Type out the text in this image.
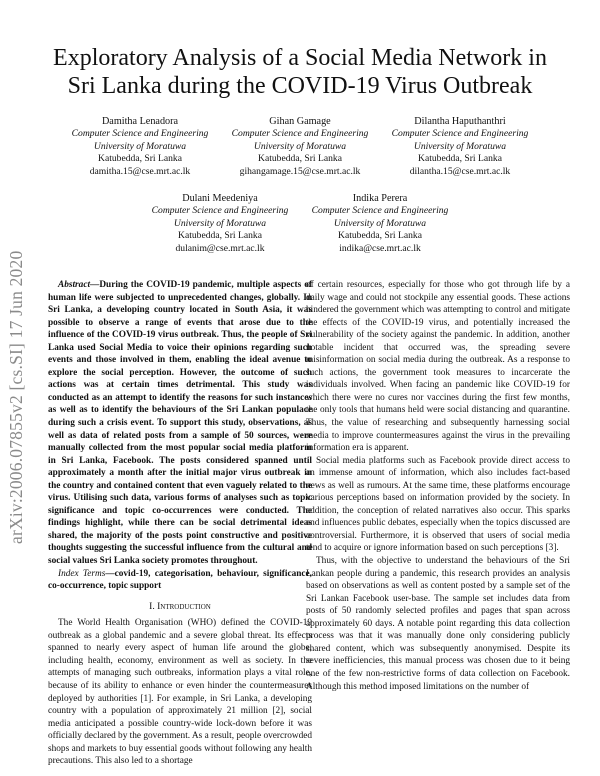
arXiv:2006.07855v2 [cs.SI] 17 Jun 2020
Exploratory Analysis of a Social Media Network in Sri Lanka during the COVID-19 Virus Outbreak
Damitha Lenadora
Computer Science and Engineering
University of Moratuwa
Katubedda, Sri Lanka
damitha.15@cse.mrt.ac.lk
Gihan Gamage
Computer Science and Engineering
University of Moratuwa
Katubedda, Sri Lanka
gihangamage.15@cse.mrt.ac.lk
Dilantha Haputhanthri
Computer Science and Engineering
University of Moratuwa
Katubedda, Sri Lanka
dilantha.15@cse.mrt.ac.lk
Dulani Meedeniya
Computer Science and Engineering
University of Moratuwa
Katubedda, Sri Lanka
dulanim@cse.mrt.ac.lk
Indika Perera
Computer Science and Engineering
University of Moratuwa
Katubedda, Sri Lanka
indika@cse.mrt.ac.lk

Abstract—During the COVID-19 pandemic, multiple aspects of human life were subjected to unprecedented changes, globally. In Sri Lanka, a developing country located in South Asia, it was possible to observe a range of events that arose due to the influence of the COVID-19 virus outbreak. Thus, the people of Sri Lanka used Social Media to voice their opinions regarding such events and those involved in them, enabling the ideal avenue to explore the social perception. However, the outcome of such actions was at certain times detrimental. This study was conducted as an attempt to identify the reasons for such instances as well as to identify the behaviours of the Sri Lankan populace during such a crisis event. To support this study, observations, as well as data of related posts from a sample of 50 sources, were manually collected from the most popular social media platform in Sri Lanka, Facebook. The posts considered spanned until approximately a month after the initial major virus outbreak in the country and contained content that even vaguely related to the virus. Utilising such data, various forms of analyses such as topic significance and topic co-occurrences were conducted. The findings highlight, while there can be social detrimental ideas shared, the majority of the posts point constructive and positive thoughts suggesting the successful influence from the cultural and social values Sri Lanka society promotes throughout.

Index Terms—covid-19, categorisation, behaviour, significance, co-occurrence, topic support

I. Introduction

The World Health Organisation (WHO) defined the COVID-19 outbreak as a global pandemic and a severe global threat. Its effects spanned to nearly every aspect of human life around the globe, including health, economy, environment as well as society. In the attempts of managing such outbreaks, information plays a vital role, because of its ability to enhance or even hinder the countermeasures deployed by authorities [1]. For example, in Sri Lanka, a developing country with a population of approximately 21 million [2], social media anticipated a possible country-wide lock-down before it was officially declared by the government. As a result, people overcrowded shops and markets to buy essential goods without following any health precautions. This also led to a shortage

of certain resources, especially for those who got through life by a daily wage and could not stockpile any essential goods. These actions hindered the government which was attempting to control and mitigate the effects of the COVID-19 virus, and potentially increased the vulnerability of the society against the pandemic. In addition, another notable incident that occurred was, the spreading severe misinformation on social media during the outbreak. As a response to such actions, the government took measures to incarcerate the individuals involved. When facing an pandemic like COVID-19 for which there were no cures nor vaccines during the first few months, the only tools that humans held were social distancing and quarantine. Thus, the value of researching and subsequently harnessing social media to improve countermeasures against the virus in the prevailing information era is apparent.

Social media platforms such as Facebook provide direct access to an immense amount of information, which also includes fact-based news as well as rumours. At the same time, these platforms encourage various perceptions based on information provided by the society. In addition, the conception of related narratives also occur. This sparks and influences public debates, especially when the topics discussed are controversial. Furthermore, it is observed that users of social media tend to acquire or ignore information based on such perceptions [3].

Thus, with the objective to understand the behaviours of the Sri Lankan people during a pandemic, this research provides an analysis based on observations as well as content posted by a sample set of the Sri Lankan Facebook user-base. The sample set includes data from posts of 50 randomly selected profiles and pages that span across approximately 60 days. A notable point regarding this data collection process was that it was manually done only considering publicly shared content, which was subsequently anonymised. Despite its severe inefficiencies, this manual process was chosen due to it being one of the few non-restrictive forms of data collection on Facebook. Although this method imposed limitations on the number of
